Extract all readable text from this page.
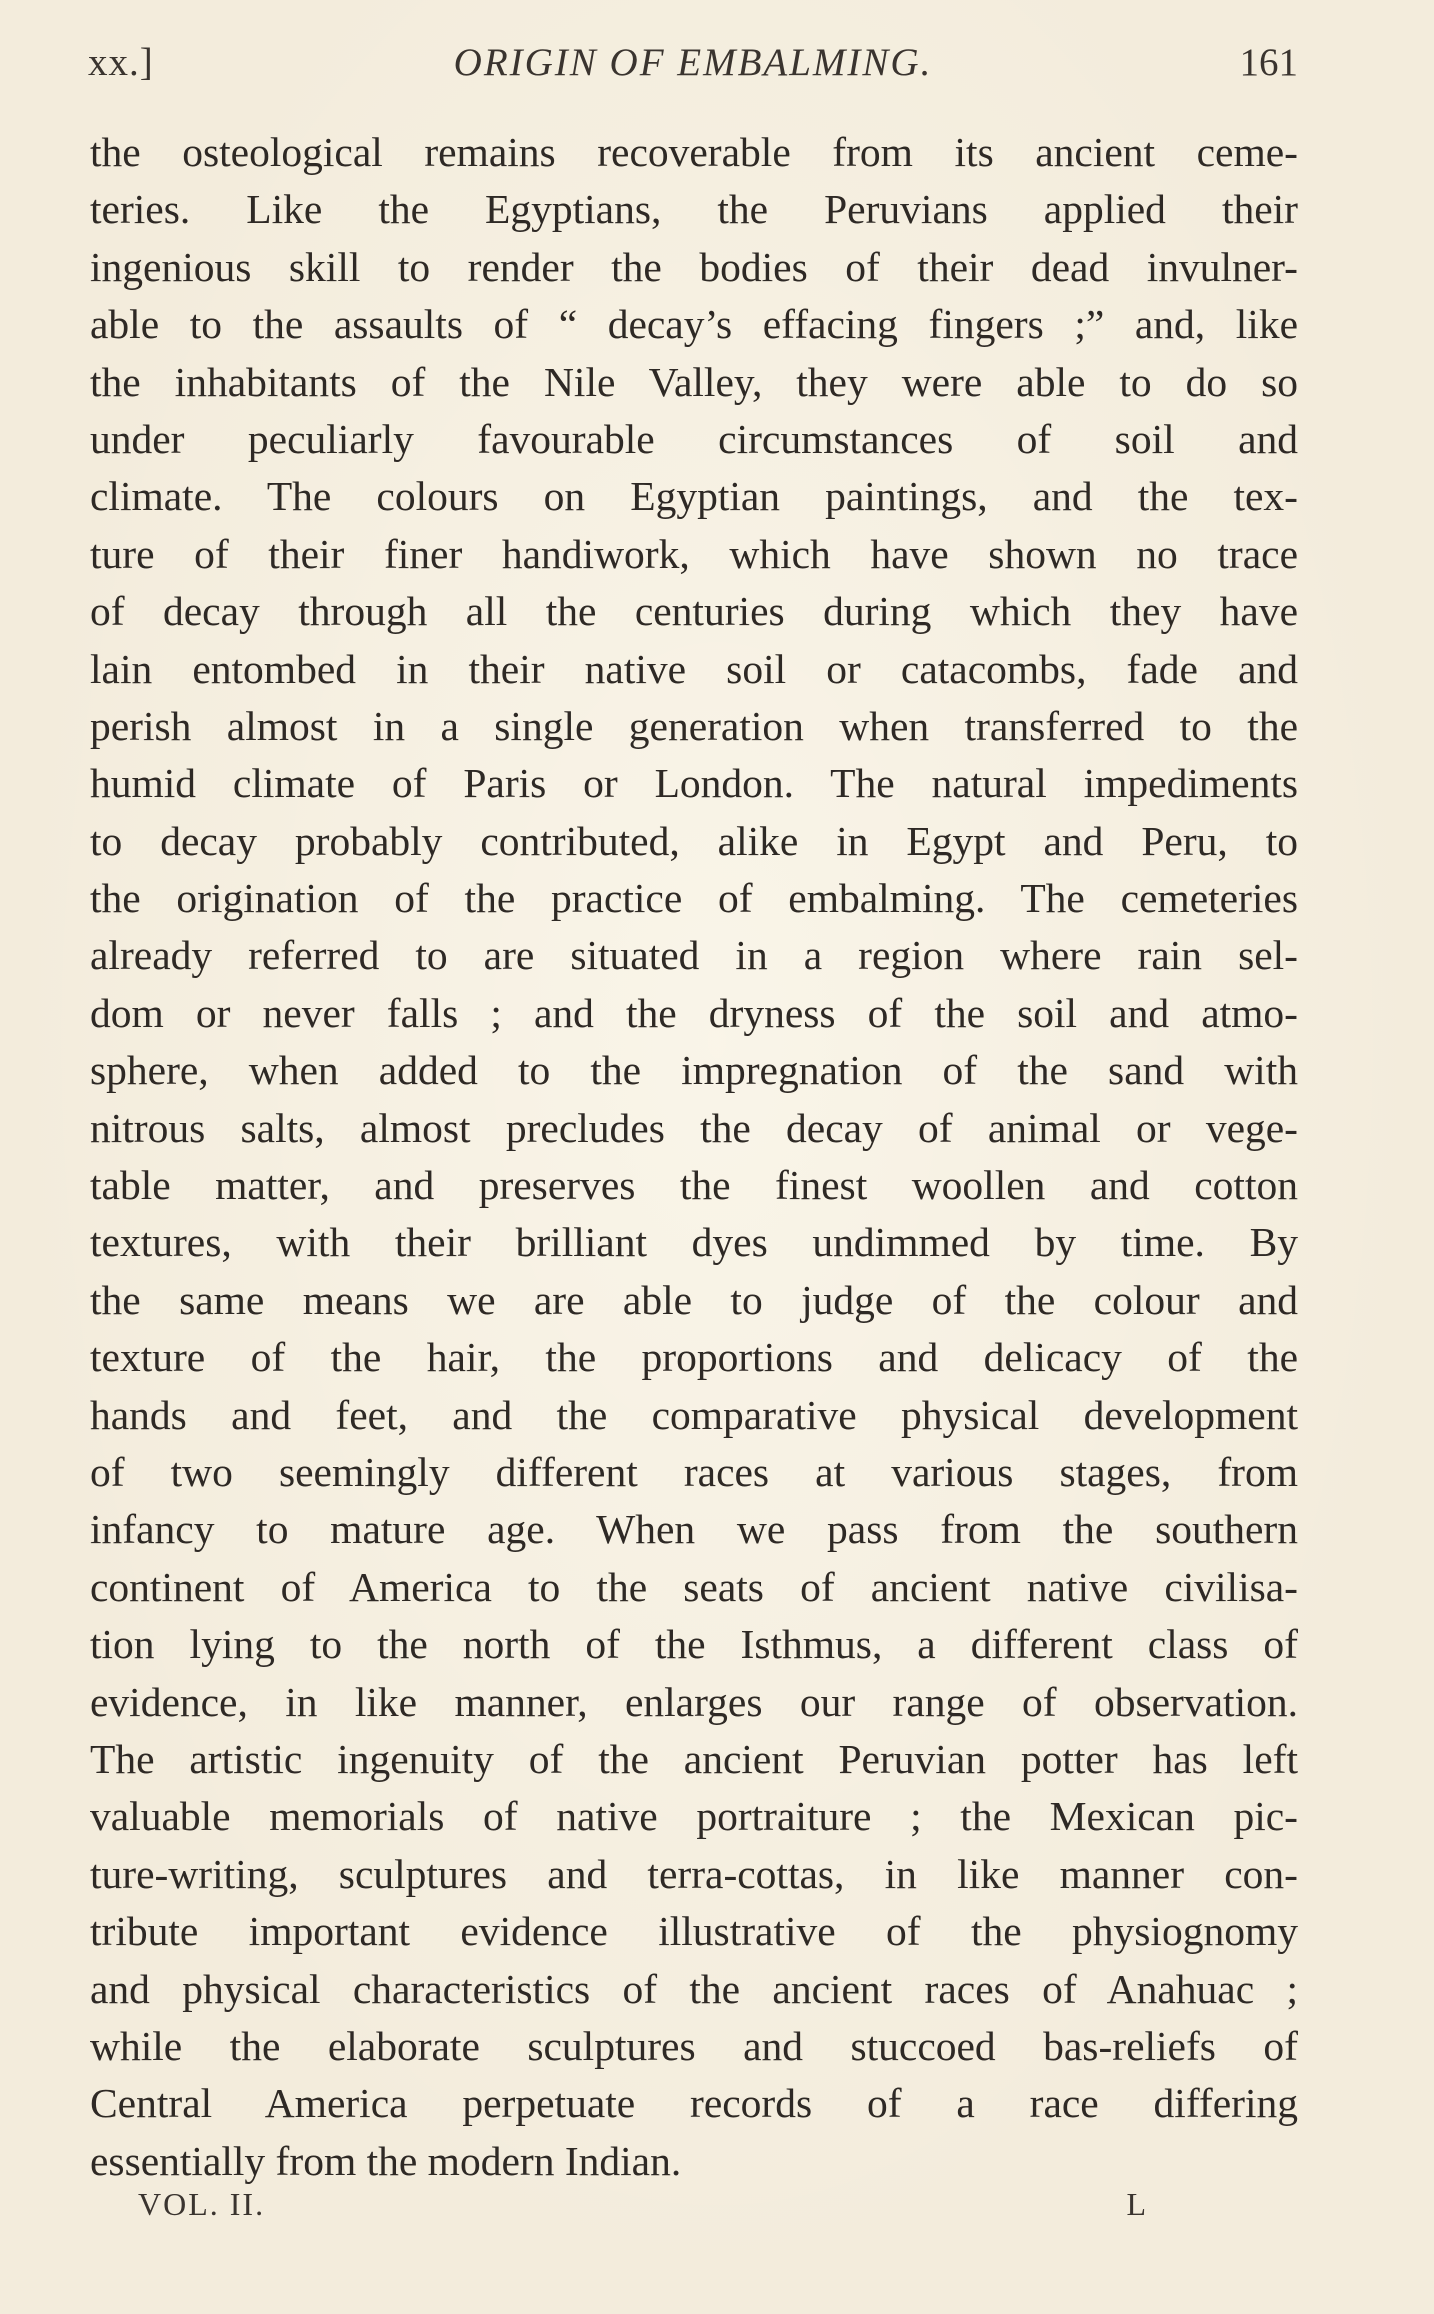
xx.]	ORIGIN OF EMBALMING.	161
the osteological remains recoverable from its ancient ceme-
teries. Like the Egyptians, the Peruvians applied their
ingenious skill to render the bodies of their dead invulner-
able to the assaults of “ decay’s effacing fingers ;” and, like
the inhabitants of the Nile Valley, they were able to do so
under peculiarly favourable circumstances of soil and
climate. The colours on Egyptian paintings, and the tex-
ture of their finer handiwork, which have shown no trace
of decay through all the centuries during which they have
lain entombed in their native soil or catacombs, fade and
perish almost in a single generation when transferred to the
humid climate of Paris or London. The natural impediments
to decay probably contributed, alike in Egypt and Peru, to
the origination of the practice of embalming. The cemeteries
already referred to are situated in a region where rain sel-
dom or never falls ; and the dryness of the soil and atmo-
sphere, when added to the impregnation of the sand with
nitrous salts, almost precludes the decay of animal or vege-
table matter, and preserves the finest woollen and cotton
textures, with their brilliant dyes undimmed by time. By
the same means we are able to judge of the colour and
texture of the hair, the proportions and delicacy of the
hands and feet, and the comparative physical development
of two seemingly different races at various stages, from
infancy to mature age. When we pass from the southern
continent of America to the seats of ancient native civilisa-
tion lying to the north of the Isthmus, a different class of
evidence, in like manner, enlarges our range of observation.
The artistic ingenuity of the ancient Peruvian potter has left
valuable memorials of native portraiture ; the Mexican pic-
ture-writing, sculptures and terra-cottas, in like manner con-
tribute important evidence illustrative of the physiognomy
and physical characteristics of the ancient races of Anahuac ;
while the elaborate sculptures and stuccoed bas-reliefs of
Central America perpetuate records of a race differing
essentially from the modern Indian.
VOL. II.	L
